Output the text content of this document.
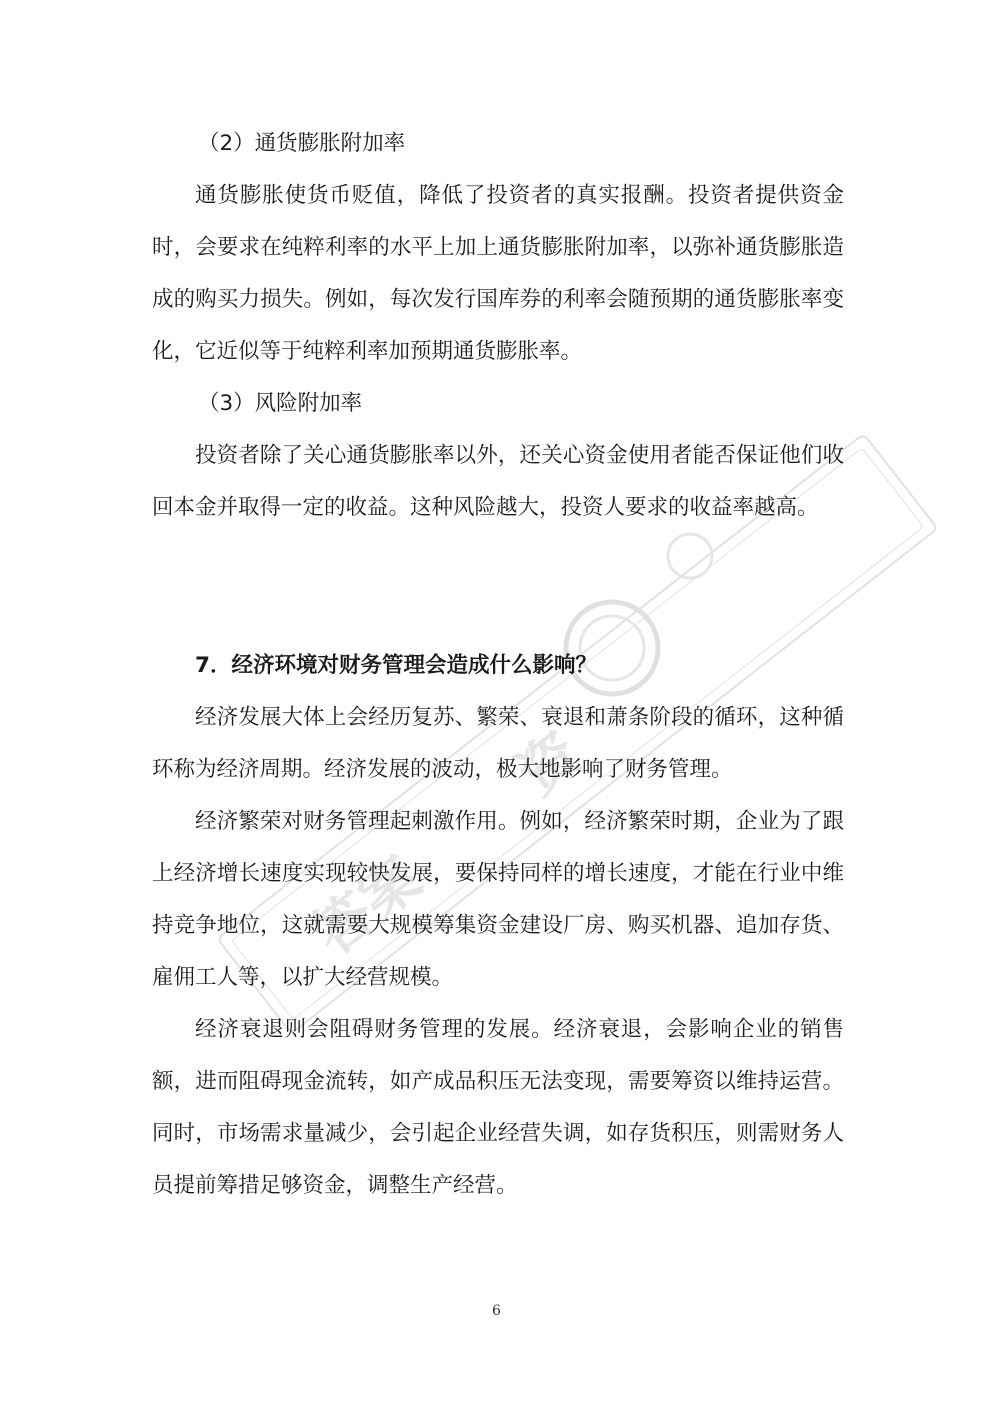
答案
资

（2）通货膨胀附加率

通货膨胀使货币贬值，降低了投资者的真实报酬。投资者提供资金时，会要求在纯粹利率的水平上加上通货膨胀附加率，以弥补通货膨胀造成的购买力损失。例如，每次发行国库券的利率会随预期的通货膨胀率变化，它近似等于纯粹利率加预期通货膨胀率。

（3）风险附加率

投资者除了关心通货膨胀率以外，还关心资金使用者能否保证他们收回本金并取得一定的收益。这种风险越大，投资人要求的收益率越高。

7．经济环境对财务管理会造成什么影响？

经济发展大体上会经历复苏、繁荣、衰退和萧条阶段的循环，这种循环称为经济周期。经济发展的波动，极大地影响了财务管理。

经济繁荣对财务管理起刺激作用。例如，经济繁荣时期，企业为了跟上经济增长速度实现较快发展，要保持同样的增长速度，才能在行业中维持竞争地位，这就需要大规模筹集资金建设厂房、购买机器、追加存货、雇佣工人等，以扩大经营规模。

经济衰退则会阻碍财务管理的发展。经济衰退，会影响企业的销售额，进而阻碍现金流转，如产成品积压无法变现，需要筹资以维持运营。同时，市场需求量减少，会引起企业经营失调，如存货积压，则需财务人员提前筹措足够资金，调整生产经营。

6
